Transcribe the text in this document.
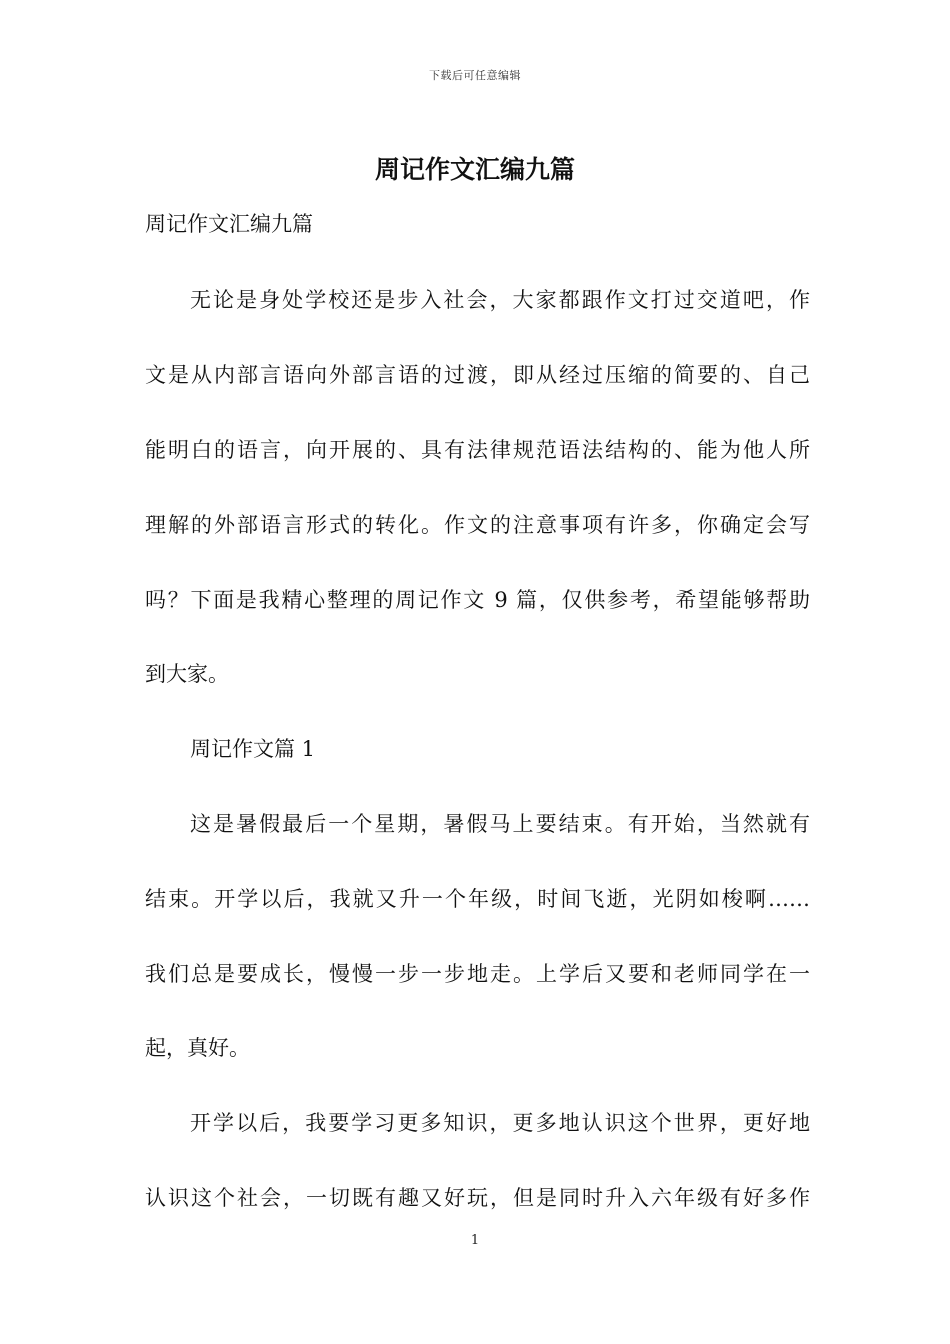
下载后可任意编辑
周记作文汇编九篇

周记作文汇编九篇

无论是身处学校还是步入社会，大家都跟作文打过交道吧，作

文是从内部言语向外部言语的过渡，即从经过压缩的简要的、自己

能明白的语言，向开展的、具有法律规范语法结构的、能为他人所

理解的外部语言形式的转化。作文的注意事项有许多，你确定会写

吗？下面是我精心整理的周记作文 9 篇，仅供参考，希望能够帮助

到大家。

周记作文篇 1

这是暑假最后一个星期，暑假马上要结束。有开始，当然就有

结束。开学以后，我就又升一个年级，时间飞逝，光阴如梭啊……

我们总是要成长，慢慢一步一步地走。上学后又要和老师同学在一

起，真好。

开学以后，我要学习更多知识，更多地认识这个世界，更好地

认识这个社会，一切既有趣又好玩，但是同时升入六年级有好多作

1
